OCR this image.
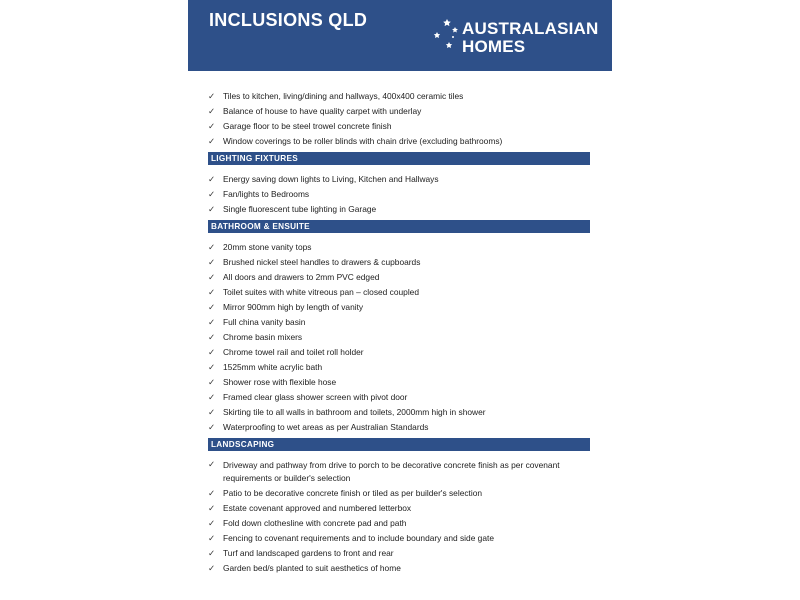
INCLUSIONS QLD	AUSTRALASIAN
HOMES
✓ Tiles to kitchen, living/dining and hallways, 400x400 ceramic tiles
✓ Balance of house to have quality carpet with underlay
✓ Garage floor to be steel trowel concrete finish
✓ Window coverings to be roller blinds with chain drive (excluding bathrooms)
LIGHTING FIXTURES
✓ Energy saving down lights to Living, Kitchen and Hallways
✓ Fan/lights to Bedrooms
✓ Single fluorescent tube lighting in Garage
BATHROOM & ENSUITE
✓ 20mm stone vanity tops
✓ Brushed nickel steel handles to drawers & cupboards
✓ All doors and drawers to 2mm PVC edged
✓ Toilet suites with white vitreous pan – closed coupled
✓ Mirror 900mm high by length of vanity
✓ Full china vanity basin
✓ Chrome basin mixers
✓ Chrome towel rail and toilet roll holder
✓ 1525mm white acrylic bath
✓ Shower rose with flexible hose
✓ Framed clear glass shower screen with pivot door
✓ Skirting tile to all walls in bathroom and toilets, 2000mm high in shower
✓ Waterproofing to wet areas as per Australian Standards
LANDSCAPING
✓ Driveway and pathway from drive to porch to be decorative concrete finish as per covenant requirements or builder's selection
✓ Patio to be decorative concrete finish or tiled as per builder's selection
✓ Estate covenant approved and numbered letterbox
✓ Fold down clothesline with concrete pad and path
✓ Fencing to covenant requirements and to include boundary and side gate
✓ Turf and landscaped gardens to front and rear
✓ Garden bed/s planted to suit aesthetics of home
